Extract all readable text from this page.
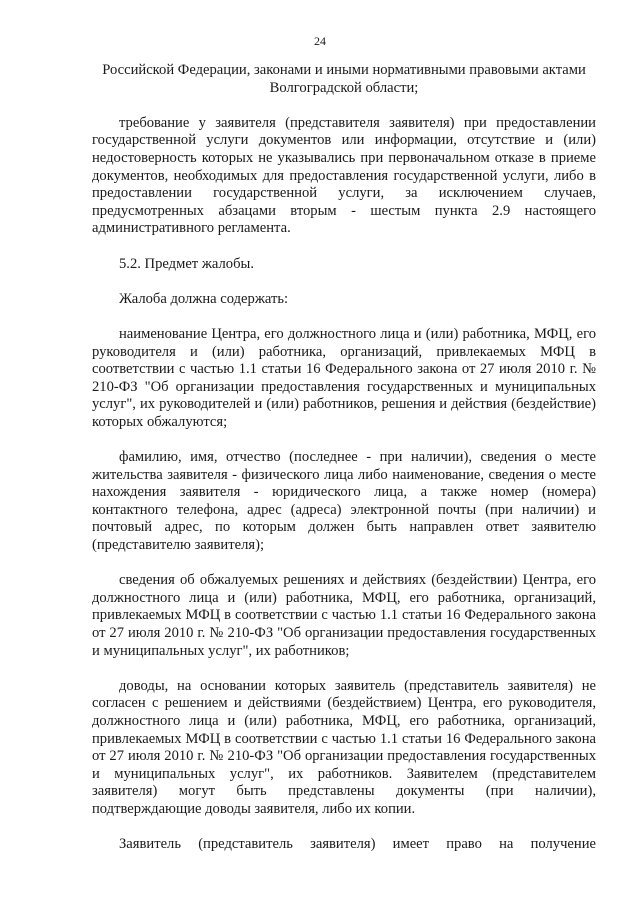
24

Российской Федерации, законами и иными нормативными правовыми актами Волгоградской области;

требование у заявителя (представителя заявителя) при предоставлении государственной услуги документов или информации, отсутствие и (или) недостоверность которых не указывались при первоначальном отказе в приеме документов, необходимых для предоставления государственной услуги, либо в предоставлении государственной услуги, за исключением случаев, предусмотренных абзацами вторым - шестым пункта 2.9 настоящего административного регламента.

5.2. Предмет жалобы.

Жалоба должна содержать:

наименование Центра, его должностного лица и (или) работника, МФЦ, его руководителя и (или) работника, организаций, привлекаемых МФЦ в соответствии с частью 1.1 статьи 16 Федерального закона от 27 июля 2010 г. № 210-ФЗ "Об организации предоставления государственных и муниципальных услуг", их руководителей и (или) работников, решения и действия (бездействие) которых обжалуются;

фамилию, имя, отчество (последнее - при наличии), сведения о месте жительства заявителя - физического лица либо наименование, сведения о месте нахождения заявителя - юридического лица, а также номер (номера) контактного телефона, адрес (адреса) электронной почты (при наличии) и почтовый адрес, по которым должен быть направлен ответ заявителю (представителю заявителя);

сведения об обжалуемых решениях и действиях (бездействии) Центра, его должностного лица и (или) работника, МФЦ, его работника, организаций, привлекаемых МФЦ в соответствии с частью 1.1 статьи 16 Федерального закона от 27 июля 2010 г. № 210-ФЗ "Об организации предоставления государственных и муниципальных услуг", их работников;

доводы, на основании которых заявитель (представитель заявителя) не согласен с решением и действиями (бездействием) Центра, его руководителя, должностного лица и (или) работника, МФЦ, его работника, организаций, привлекаемых МФЦ в соответствии с частью 1.1 статьи 16 Федерального закона от 27 июля 2010 г. № 210-ФЗ "Об организации предоставления государственных и муниципальных услуг", их работников. Заявителем (представителем заявителя) могут быть представлены документы (при наличии), подтверждающие доводы заявителя, либо их копии.

Заявитель (представитель заявителя) имеет право на получение
